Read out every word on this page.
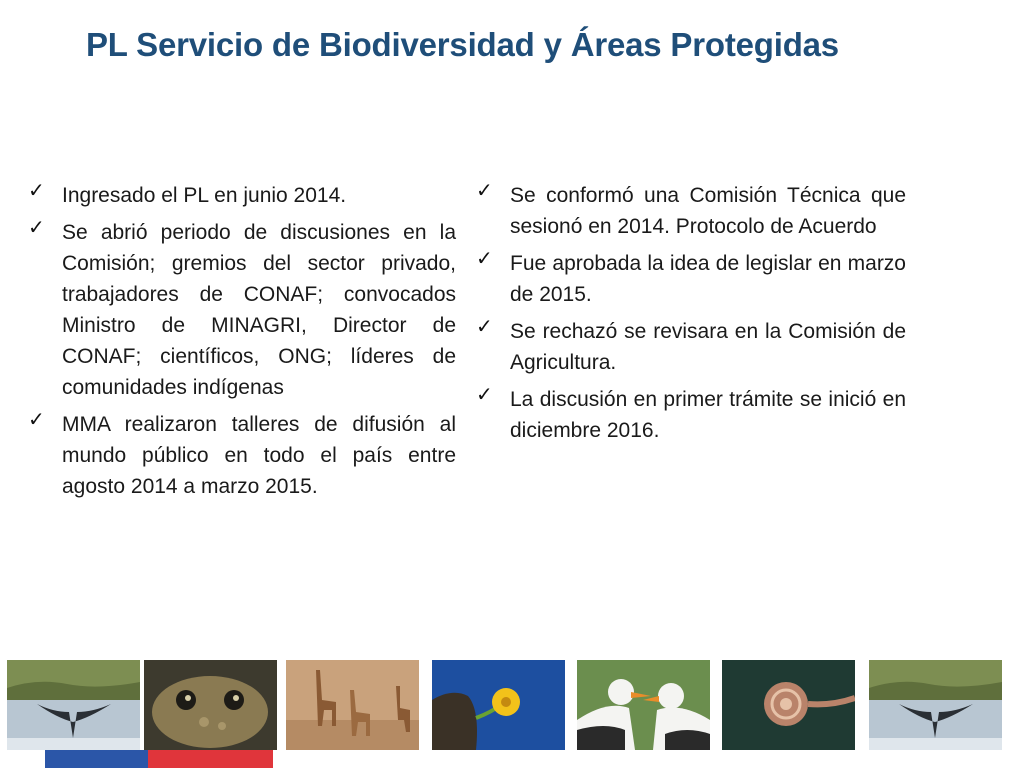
PL Servicio de Biodiversidad y Áreas Protegidas
✓ Ingresado el PL en junio 2014.
✓ Se abrió periodo de discusiones en la Comisión; gremios del sector privado, trabajadores de CONAF; convocados Ministro de MINAGRI, Director de CONAF; científicos, ONG; líderes de comunidades indígenas
✓ MMA realizaron talleres de difusión al mundo público en todo el país entre agosto 2014 a marzo 2015.
✓ Se conformó una Comisión Técnica que sesionó en 2014. Protocolo de Acuerdo
✓ Fue aprobada la idea de legislar en marzo de 2015.
✓ Se rechazó se revisara en la Comisión de Agricultura.
✓ La discusión en primer trámite se inició en diciembre 2016.
